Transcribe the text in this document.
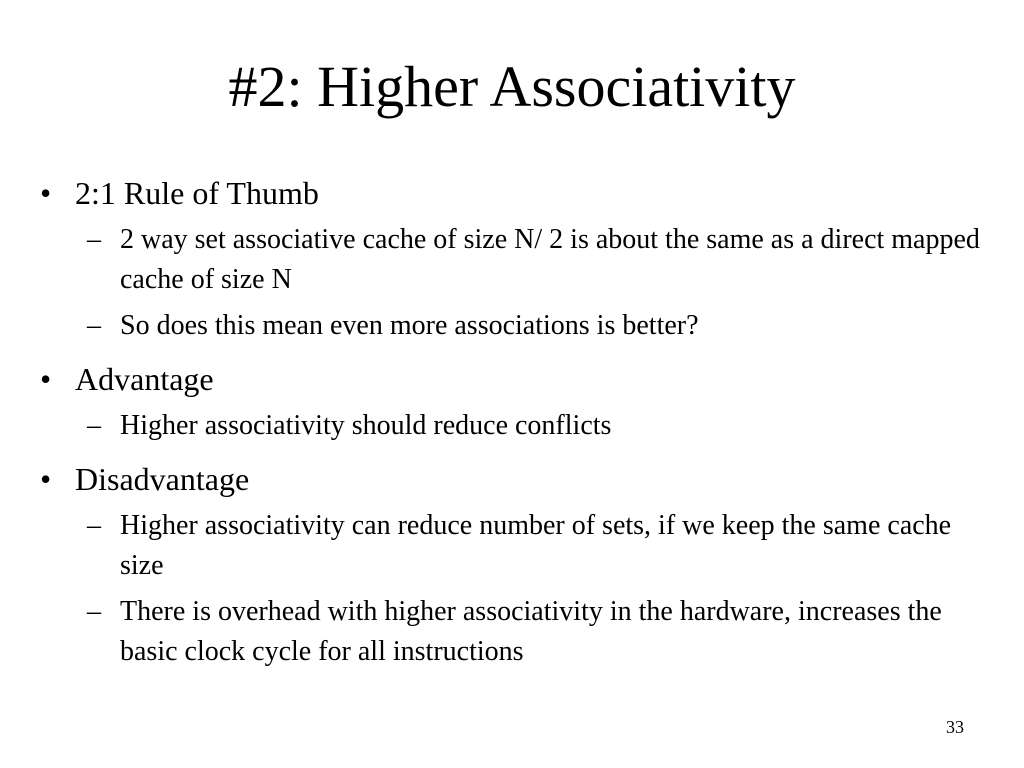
#2: Higher Associativity
• 2:1 Rule of Thumb
– 2 way set associative cache of size N/ 2 is about the same as a direct mapped cache of size N
– So does this mean even more associations is better?
• Advantage
– Higher associativity should reduce conflicts
• Disadvantage
– Higher associativity can reduce number of sets, if we keep the same cache size
– There is overhead with higher associativity in the hardware, increases the basic clock cycle for all instructions
33
